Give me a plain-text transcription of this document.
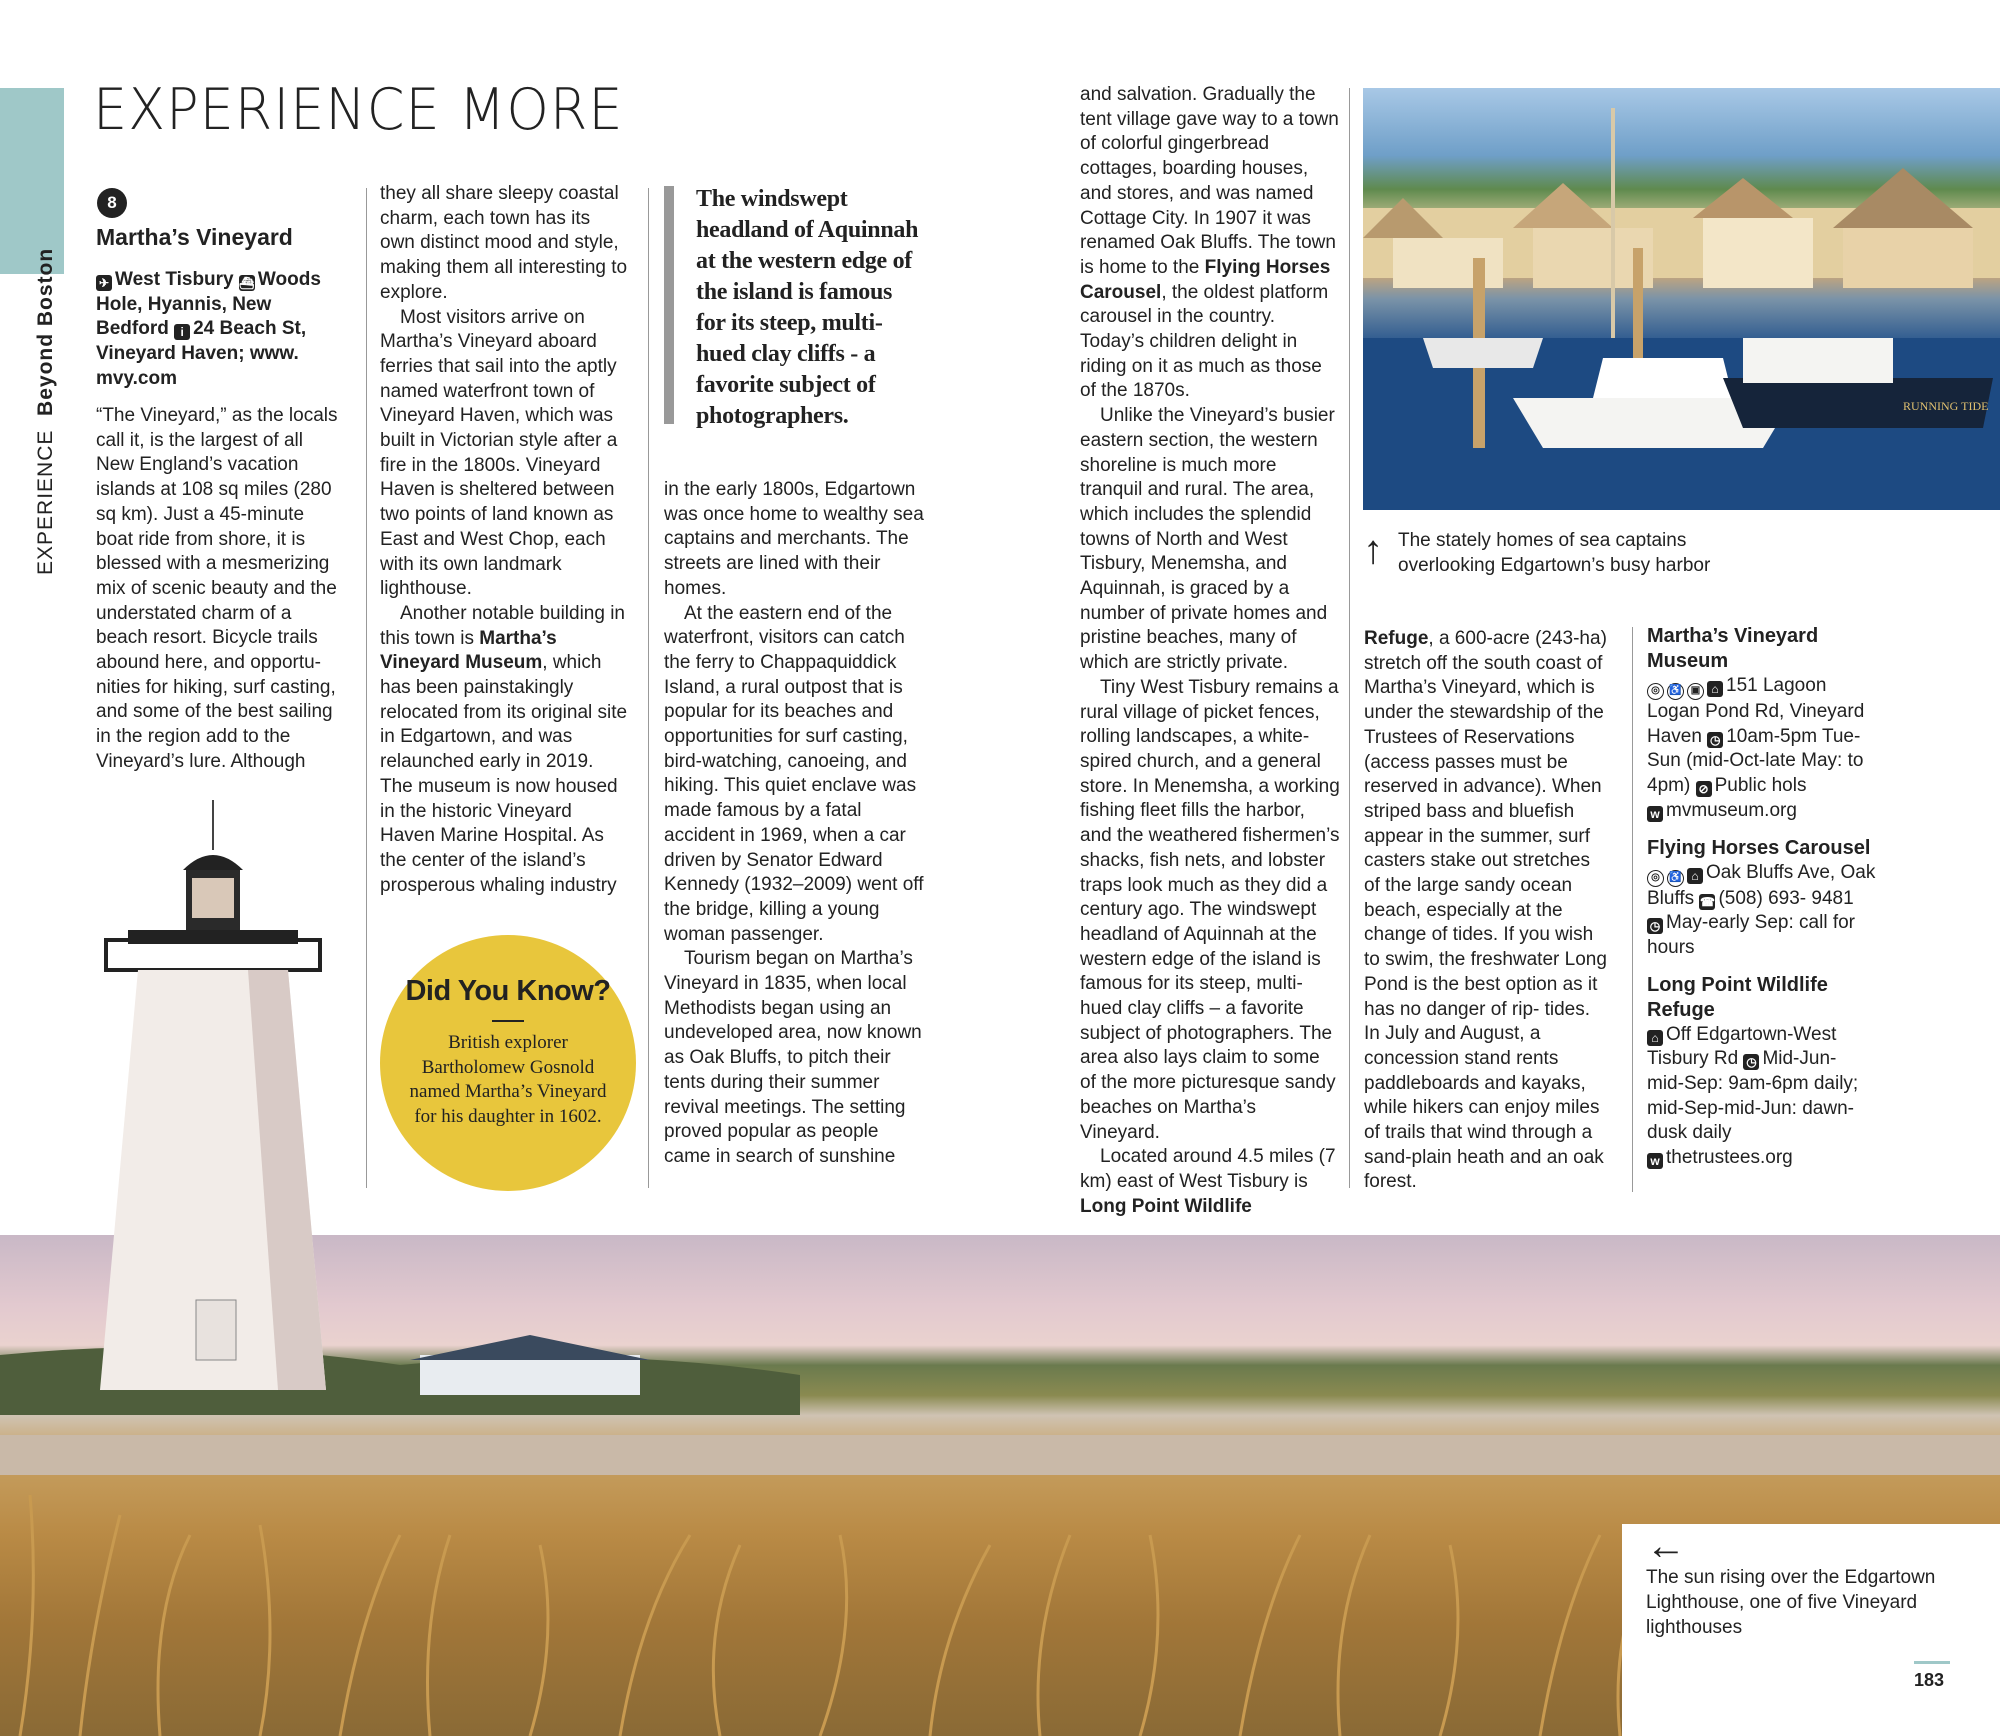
EXPERIENCE  Beyond Boston
EXPERIENCE MORE
8
Martha’s Vineyard
✈ West Tisbury ⛴ Woods Hole, Hyannis, New Bedford i 24 Beach St, Vineyard Haven; www. mvy.com

“The Vineyard,” as the locals call it, is the largest of all New England’s vacation islands at 108 sq miles (280 sq km). Just a 45-minute boat ride from shore, it is blessed with a mesmerizing mix of scenic beauty and the understated charm of a beach resort. Bicycle trails abound here, and opportu- nities for hiking, surf casting, and some of the best sailing in the region add to the Vineyard’s lure. Although

they all share sleepy coastal charm, each town has its own distinct mood and style, making them all interesting to explore.

Most visitors arrive on Martha’s Vineyard aboard ferries that sail into the aptly named waterfront town of Vineyard Haven, which was built in Victorian style after a fire in the 1800s. Vineyard Haven is sheltered between two points of land known as East and West Chop, each with its own landmark lighthouse.

Another notable building in this town is Martha’s Vineyard Museum, which has been painstakingly relocated from its original site in Edgartown, and was relaunched early in 2019. The museum is now housed in the historic Vineyard Haven Marine Hospital. As the center of the island’s prosperous whaling industry

The windswept headland of Aquinnah at the western edge of the island is famous for its steep, multi- hued clay cliffs - a favorite subject of photographers.

in the early 1800s, Edgartown was once home to wealthy sea captains and merchants. The streets are lined with their homes.

At the eastern end of the waterfront, visitors can catch the ferry to Chappaquiddick Island, a rural outpost that is popular for its beaches and opportunities for surf casting, bird-watching, canoeing, and hiking. This quiet enclave was made famous by a fatal accident in 1969, when a car driven by Senator Edward Kennedy (1932–2009) went off the bridge, killing a young woman passenger.

Tourism began on Martha’s Vineyard in 1835, when local Methodists began using an undeveloped area, now known as Oak Bluffs, to pitch their tents during their summer revival meetings. The setting proved popular as people came in search of sunshine

and salvation. Gradually the tent village gave way to a town of colorful gingerbread cottages, boarding houses, and stores, and was named Cottage City. In 1907 it was renamed Oak Bluffs. The town is home to the Flying Horses Carousel, the oldest platform carousel in the country. Today’s children delight in riding on it as much as those of the 1870s.

Unlike the Vineyard’s busier eastern section, the western shoreline is much more tranquil and rural. The area, which includes the splendid towns of North and West Tisbury, Menemsha, and Aquinnah, is graced by a number of private homes and pristine beaches, many of which are strictly private.

Tiny West Tisbury remains a rural village of picket fences, rolling landscapes, a white- spired church, and a general store. In Menemsha, a working fishing fleet fills the harbor, and the weathered fishermen’s shacks, fish nets, and lobster traps look much as they did a century ago. The windswept headland of Aquinnah at the western edge of the island is famous for its steep, multi- hued clay cliffs – a favorite subject of photographers. The area also lays claim to some of the more picturesque sandy beaches on Martha’s Vineyard.

Located around 4.5 miles (7 km) east of West Tisbury is Long Point Wildlife

RUNNING TIDE
↑ The stately homes of sea captains overlooking Edgartown’s busy harbor

Refuge, a 600-acre (243-ha) stretch off the south coast of Martha’s Vineyard, which is under the stewardship of the Trustees of Reservations (access passes must be reserved in advance). When striped bass and bluefish appear in the summer, surf casters stake out stretches of the large sandy ocean beach, especially at the change of tides. If you wish to swim, the freshwater Long Pond is the best option as it has no danger of rip- tides. In July and August, a concession stand rents paddleboards and kayaks, while hikers can enjoy miles of trails that wind through a sand-plain heath and an oak forest.

Martha’s Vineyard Museum
◎ ♿ ▣ ⌂ 151 Lagoon Logan Pond Rd, Vineyard Haven ◷ 10am-5pm Tue- Sun (mid-Oct-late May: to 4pm) ⊘ Public hols
w mvmuseum.org
Flying Horses Carousel
◎ ♿ ⌂ Oak Bluffs Ave, Oak Bluffs ☎ (508) 693- 9481 ◷ May-early Sep: call for hours
Long Point Wildlife Refuge
⌂ Off Edgartown-West Tisbury Rd ◷ Mid-Jun- mid-Sep: 9am-6pm daily; mid-Sep-mid-Jun: dawn-dusk daily
w thetrustees.org
Did You Know?
British explorer Bartholomew Gosnold named Martha’s Vineyard for his daughter in 1602.
←
The sun rising over the Edgartown Lighthouse, one of five Vineyard lighthouses
183
